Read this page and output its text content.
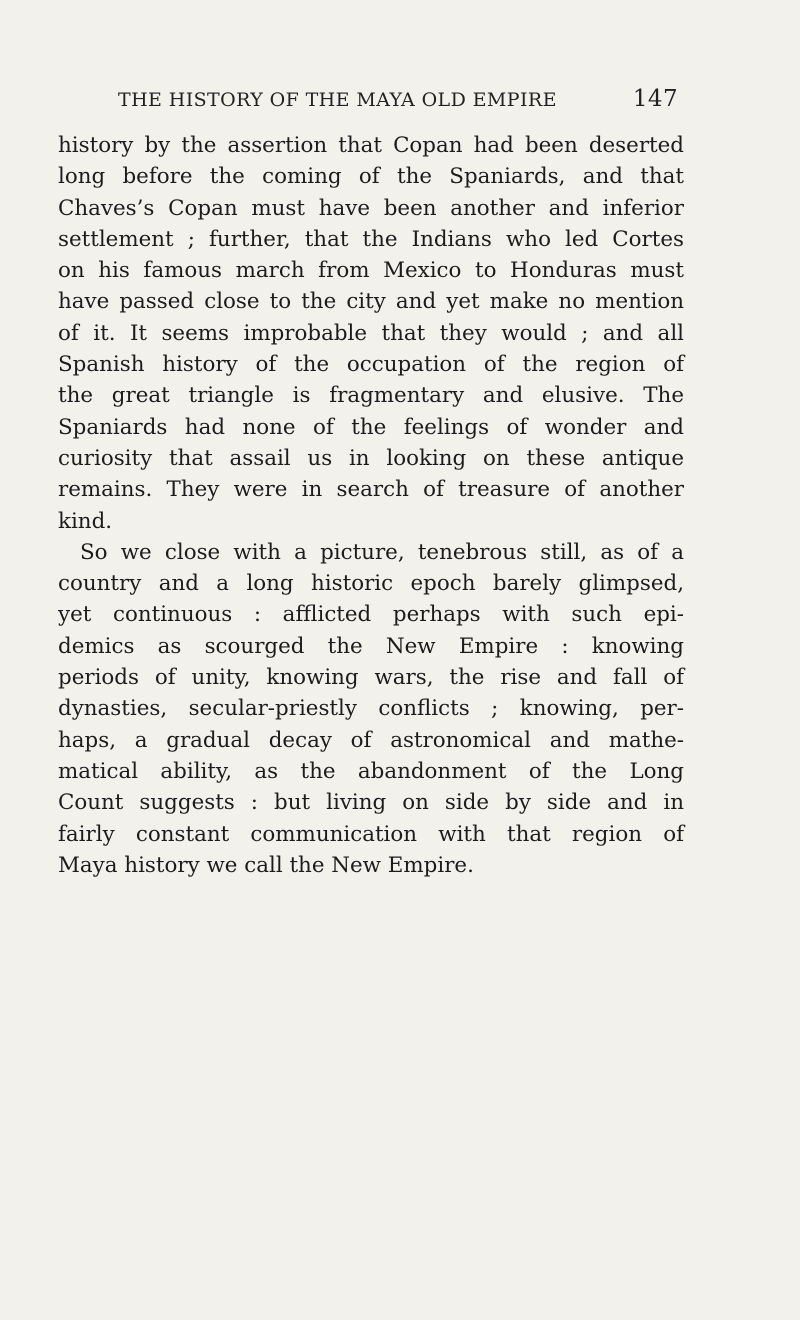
THE HISTORY OF THE MAYA OLD EMPIRE	147
history by the assertion that Copan had been deserted
long before the coming of the Spaniards, and that
Chaves’s Copan must have been another and inferior
settlement ; further, that the Indians who led Cortes
on his famous march from Mexico to Honduras must
have passed close to the city and yet make no mention
of it. It seems improbable that they would ; and all
Spanish history of the occupation of the region of
the great triangle is fragmentary and elusive. The
Spaniards had none of the feelings of wonder and
curiosity that assail us in looking on these antique
remains. They were in search of treasure of another
kind.
So we close with a picture, tenebrous still, as of a
country and a long historic epoch barely glimpsed,
yet continuous : afflicted perhaps with such epi-
demics as scourged the New Empire : knowing
periods of unity, knowing wars, the rise and fall of
dynasties, secular-priestly conflicts ; knowing, per-
haps, a gradual decay of astronomical and mathe-
matical ability, as the abandonment of the Long
Count suggests : but living on side by side and in
fairly constant communication with that region of
Maya history we call the New Empire.
